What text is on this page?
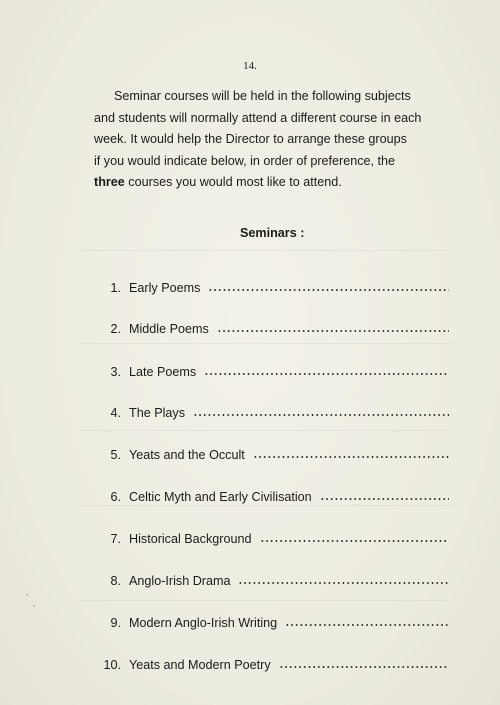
14.

Seminar courses will be held in the following subjects
and students will normally attend a different course in each
week. It would help the Director to arrange these groups
if you would indicate below, in order of preference, the
three courses you would most like to attend.

Seminars :
1. Early Poems
2. Middle Poems
3. Late Poems
4. The Plays
5. Yeats and the Occult
6. Celtic Myth and Early Civilisation
7. Historical Background
8. Anglo-Irish Drama
9. Modern Anglo-Irish Writing
10. Yeats and Modern Poetry
